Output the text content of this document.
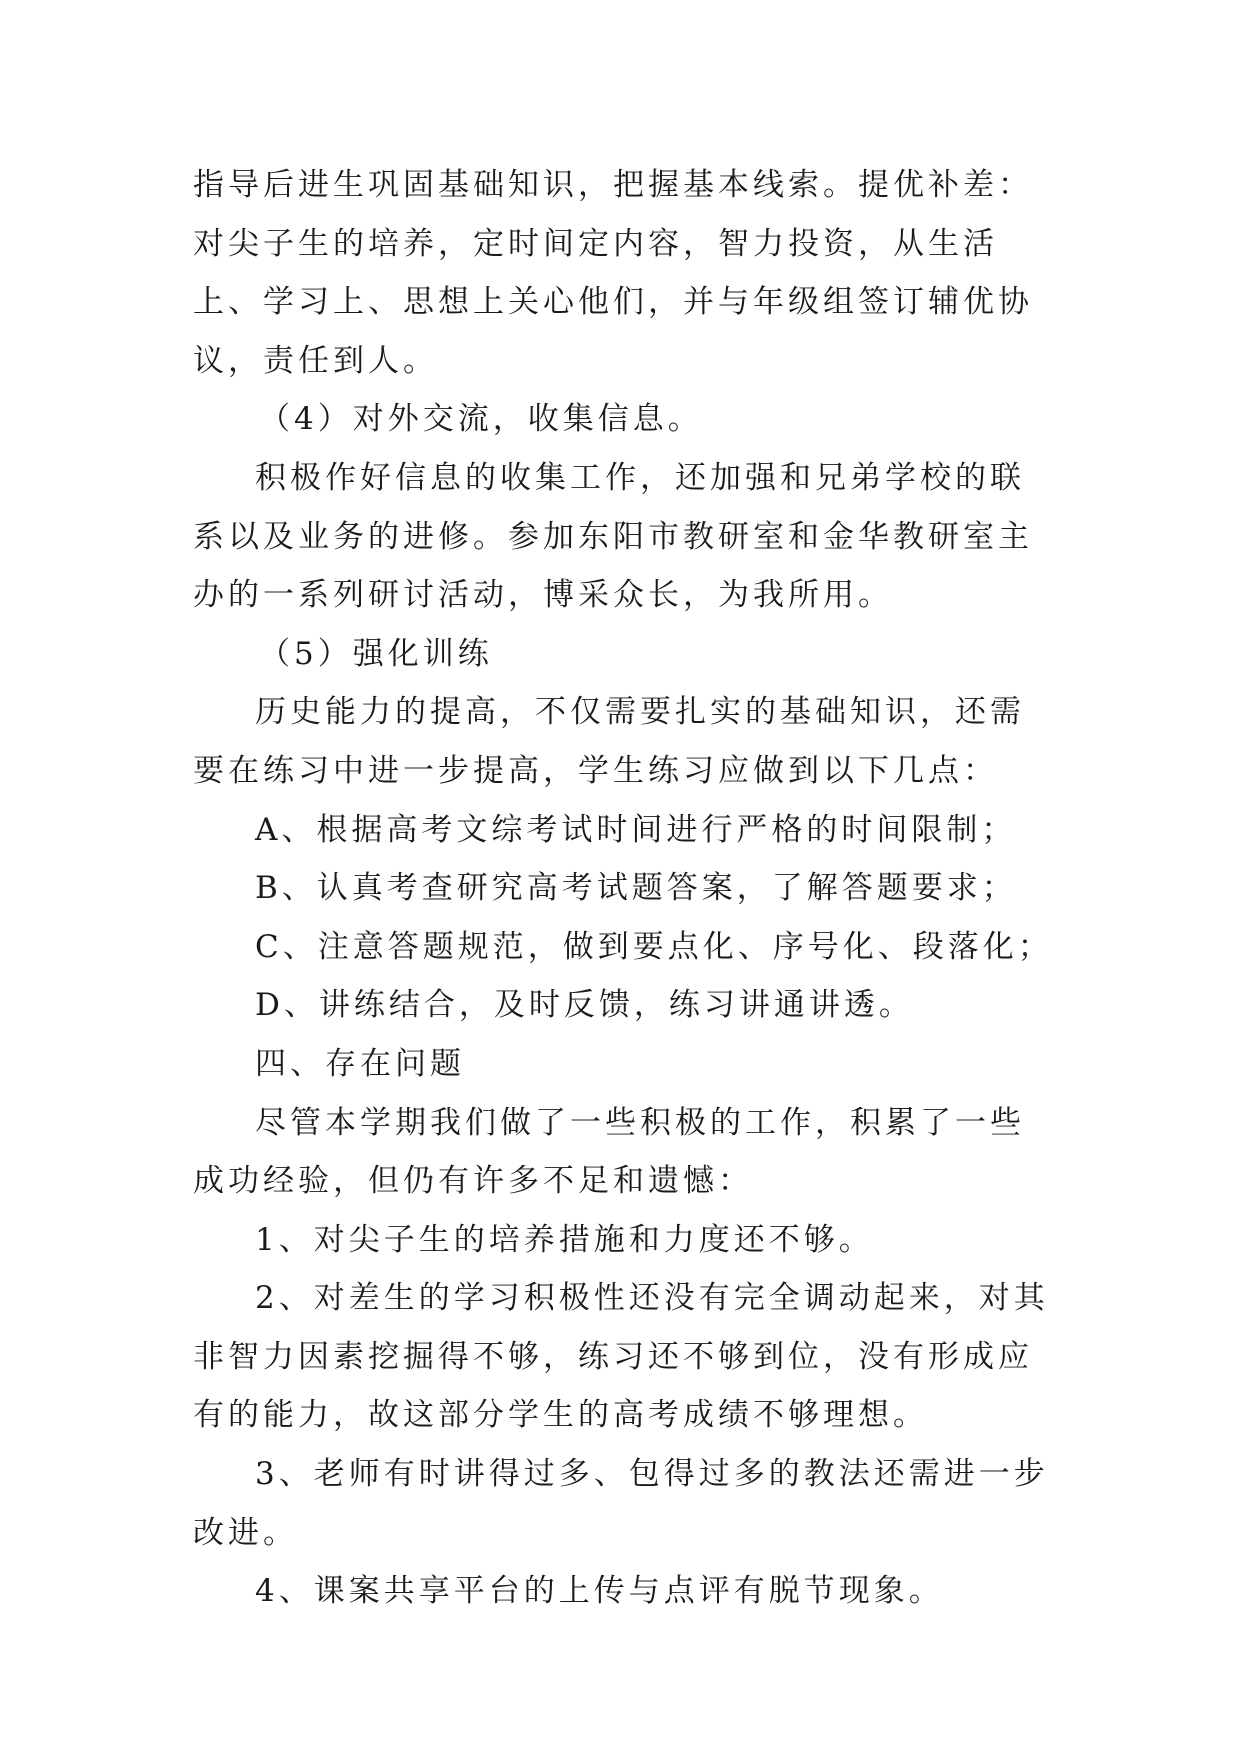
指导后进生巩固基础知识，把握基本线索。提优补差：对尖子生的培养，定时间定内容，智力投资，从生活上、学习上、思想上关心他们，并与年级组签订辅优协议，责任到人。

（4）对外交流，收集信息。

积极作好信息的收集工作，还加强和兄弟学校的联系以及业务的进修。参加东阳市教研室和金华教研室主办的一系列研讨活动，博采众长，为我所用。

（5）强化训练

历史能力的提高，不仅需要扎实的基础知识，还需要在练习中进一步提高，学生练习应做到以下几点：

A、根据高考文综考试时间进行严格的时间限制；

B、认真考查研究高考试题答案，了解答题要求；

C、注意答题规范，做到要点化、序号化、段落化；

D、讲练结合，及时反馈，练习讲通讲透。

四、存在问题

尽管本学期我们做了一些积极的工作，积累了一些成功经验，但仍有许多不足和遗憾：

1、对尖子生的培养措施和力度还不够。

2、对差生的学习积极性还没有完全调动起来，对其非智力因素挖掘得不够，练习还不够到位，没有形成应有的能力，故这部分学生的高考成绩不够理想。

3、老师有时讲得过多、包得过多的教法还需进一步改进。

4、课案共享平台的上传与点评有脱节现象。
